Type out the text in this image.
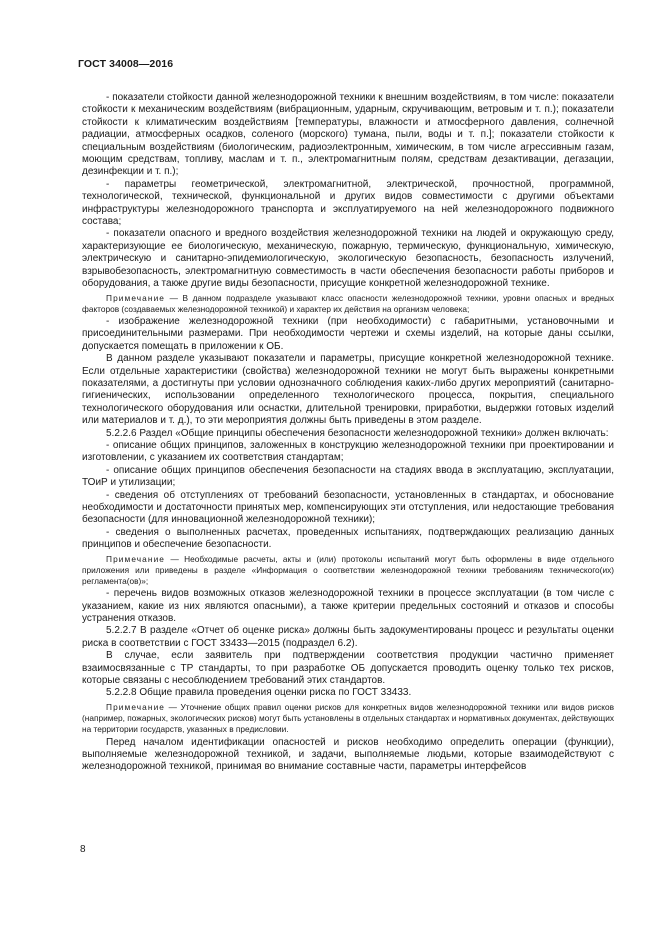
ГОСТ 34008—2016

- показатели стойкости данной железнодорожной техники к внешним воздействиям, в том числе: показатели стойкости к механическим воздействиям (вибрационным, ударным, скручивающим, ветровым и т. п.); показатели стойкости к климатическим воздействиям [температуры, влажности и атмосферного давления, солнечной радиации, атмосферных осадков, соленого (морского) тумана, пыли, воды и т. п.]; показатели стойкости к специальным воздействиям (биологическим, радиоэлектронным, химическим, в том числе агрессивным газам, моющим средствам, топливу, маслам и т. п., электромагнитным полям, средствам дезактивации, дегазации, дезинфекции и т. п.);

- параметры геометрической, электромагнитной, электрической, прочностной, программной, технологической, технической, функциональной и других видов совместимости с другими объектами инфраструктуры железнодорожного транспорта и эксплуатируемого на ней железнодорожного подвижного состава;

- показатели опасного и вредного воздействия железнодорожной техники на людей и окружающую среду, характеризующие ее биологическую, механическую, пожарную, термическую, функциональную, химическую, электрическую и санитарно-эпидемиологическую, экологическую безопасность, безопасность излучений, взрывобезопасность, электромагнитную совместимость в части обеспечения безопасности работы приборов и оборудования, а также другие виды безопасности, присущие конкретной железнодорожной технике.

Примечание — В данном подразделе указывают класс опасности железнодорожной техники, уровни опасных и вредных факторов (создаваемых железнодорожной техникой) и характер их действия на организм человека;

- изображение железнодорожной техники (при необходимости) с габаритными, установочными и присоединительными размерами. При необходимости чертежи и схемы изделий, на которые даны ссылки, допускается помещать в приложении к ОБ.

В данном разделе указывают показатели и параметры, присущие конкретной железнодорожной технике. Если отдельные характеристики (свойства) железнодорожной техники не могут быть выражены конкретными показателями, а достигнуты при условии однозначного соблюдения каких-либо других мероприятий (санитарно-гигиенических, использовании определенного технологического процесса, покрытия, специального технологического оборудования или оснастки, длительной тренировки, приработки, выдержки готовых изделий или материалов и т. д.), то эти мероприятия должны быть приведены в этом разделе.

5.2.2.6 Раздел «Общие принципы обеспечения безопасности железнодорожной техники» должен включать:

- описание общих принципов, заложенных в конструкцию железнодорожной техники при проектировании и изготовлении, с указанием их соответствия стандартам;

- описание общих принципов обеспечения безопасности на стадиях ввода в эксплуатацию, эксплуатации, ТОиР и утилизации;

- сведения об отступлениях от требований безопасности, установленных в стандартах, и обоснование необходимости и достаточности принятых мер, компенсирующих эти отступления, или недостающие требования безопасности (для инновационной железнодорожной техники);

- сведения о выполненных расчетах, проведенных испытаниях, подтверждающих реализацию данных принципов и обеспечение безопасности.

Примечание — Необходимые расчеты, акты и (или) протоколы испытаний могут быть оформлены в виде отдельного приложения или приведены в разделе «Информация о соответствии железнодорожной техники требованиям технического(их) регламента(ов)»;

- перечень видов возможных отказов железнодорожной техники в процессе эксплуатации (в том числе с указанием, какие из них являются опасными), а также критерии предельных состояний и отказов и способы устранения отказов.

5.2.2.7 В разделе «Отчет об оценке риска» должны быть задокументированы процесс и результаты оценки риска в соответствии с ГОСТ 33433—2015 (подраздел 6.2).

В случае, если заявитель при подтверждении соответствия продукции частично применяет взаимосвязанные с ТР стандарты, то при разработке ОБ допускается проводить оценку только тех рисков, которые связаны с несоблюдением требований этих стандартов.

5.2.2.8 Общие правила проведения оценки риска по ГОСТ 33433.

Примечание — Уточнение общих правил оценки рисков для конкретных видов железнодорожной техники или видов рисков (например, пожарных, экологических рисков) могут быть установлены в отдельных стандартах и нормативных документах, действующих на территории государств, указанных в предисловии.

Перед началом идентификации опасностей и рисков необходимо определить операции (функции), выполняемые железнодорожной техникой, и задачи, выполняемые людьми, которые взаимодействуют с железнодорожной техникой, принимая во внимание составные части, параметры интерфейсов

8
